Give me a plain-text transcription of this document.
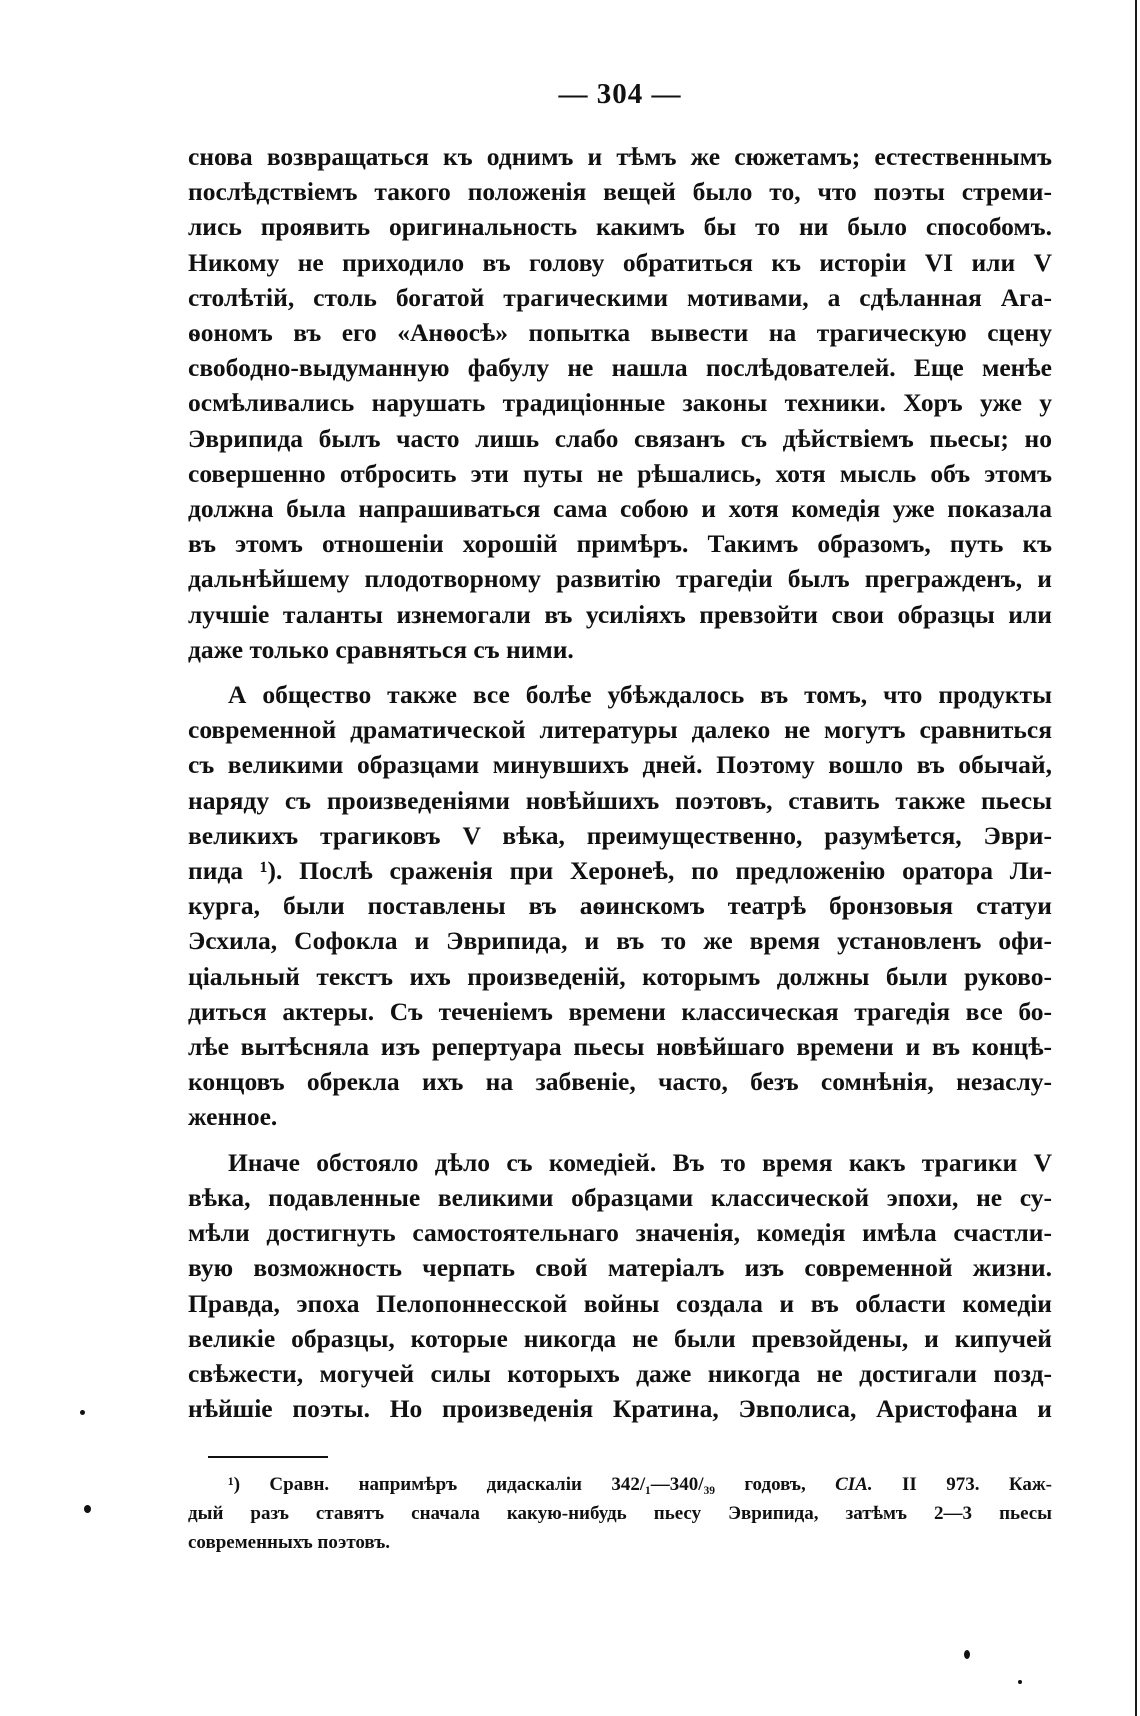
— 304 —
снова возвращаться къ однимъ и тѣмъ же сюжетамъ; естественнымъ
послѣдствіемъ такого положенія вещей было то, что поэты стреми-
лись проявить оригинальность какимъ бы то ни было способомъ.
Никому не приходило въ голову обратиться къ исторіи VI или V
столѣтій, столь богатой трагическими мотивами, а сдѣланная Ага-
ѳономъ въ его «Анѳосѣ» попытка вывести на трагическую сцену
свободно-выдуманную фабулу не нашла послѣдователей. Еще менѣе
осмѣливались нарушать традиціонные законы техники. Хоръ уже у
Эврипида былъ часто лишь слабо связанъ съ дѣйствіемъ пьесы; но
совершенно отбросить эти путы не рѣшались, хотя мысль объ этомъ
должна была напрашиваться сама собою и хотя комедія уже показала
въ этомъ отношеніи хорошій примѣръ. Такимъ образомъ, путь къ
дальнѣйшему плодотворному развитію трагедіи былъ прегражденъ, и
лучшіе таланты изнемогали въ усиліяхъ превзойти свои образцы или
даже только сравняться съ ними.
А общество также все болѣе убѣждалось въ томъ, что продукты
современной драматической литературы далеко не могутъ сравниться
съ великими образцами минувшихъ дней. Поэтому вошло въ обычай,
наряду съ произведеніями новѣйшихъ поэтовъ, ставить также пьесы
великихъ трагиковъ V вѣка, преимущественно, разумѣется, Эври-
пида ¹). Послѣ сраженія при Херонеѣ, по предложенію оратора Ли-
курга, были поставлены въ аѳинскомъ театрѣ бронзовыя статуи
Эсхила, Софокла и Эврипида, и въ то же время установленъ офи-
ціальный текстъ ихъ произведеній, которымъ должны были руково-
диться актеры. Съ теченіемъ времени классическая трагедія все бо-
лѣе вытѣсняла изъ репертуара пьесы новѣйшаго времени и въ концѣ-
концовъ обрекла ихъ на забвеніе, часто, безъ сомнѣнія, незаслу-
женное.
Иначе обстояло дѣло съ комедіей. Въ то время какъ трагики V
вѣка, подавленные великими образцами классической эпохи, не су-
мѣли достигнуть самостоятельнаго значенія, комедія имѣла счастли-
вую возможность черпать свой матеріалъ изъ современной жизни.
Правда, эпоха Пелопоннесской войны создала и въ области комедіи
великіе образцы, которые никогда не были превзойдены, и кипучей
свѣжести, могучей силы которыхъ даже никогда не достигали позд-
нѣйшіе поэты. Но произведенія Кратина, Эвполиса, Аристофана и
¹) Сравн. напримѣръ дидаскаліи 342/₁—340/₃₉ годовъ, CIA. II 973. Каж-
дый разъ ставятъ сначала какую-нибудь пьесу Эврипида, затѣмъ 2—3 пьесы
современныхъ поэтовъ.
